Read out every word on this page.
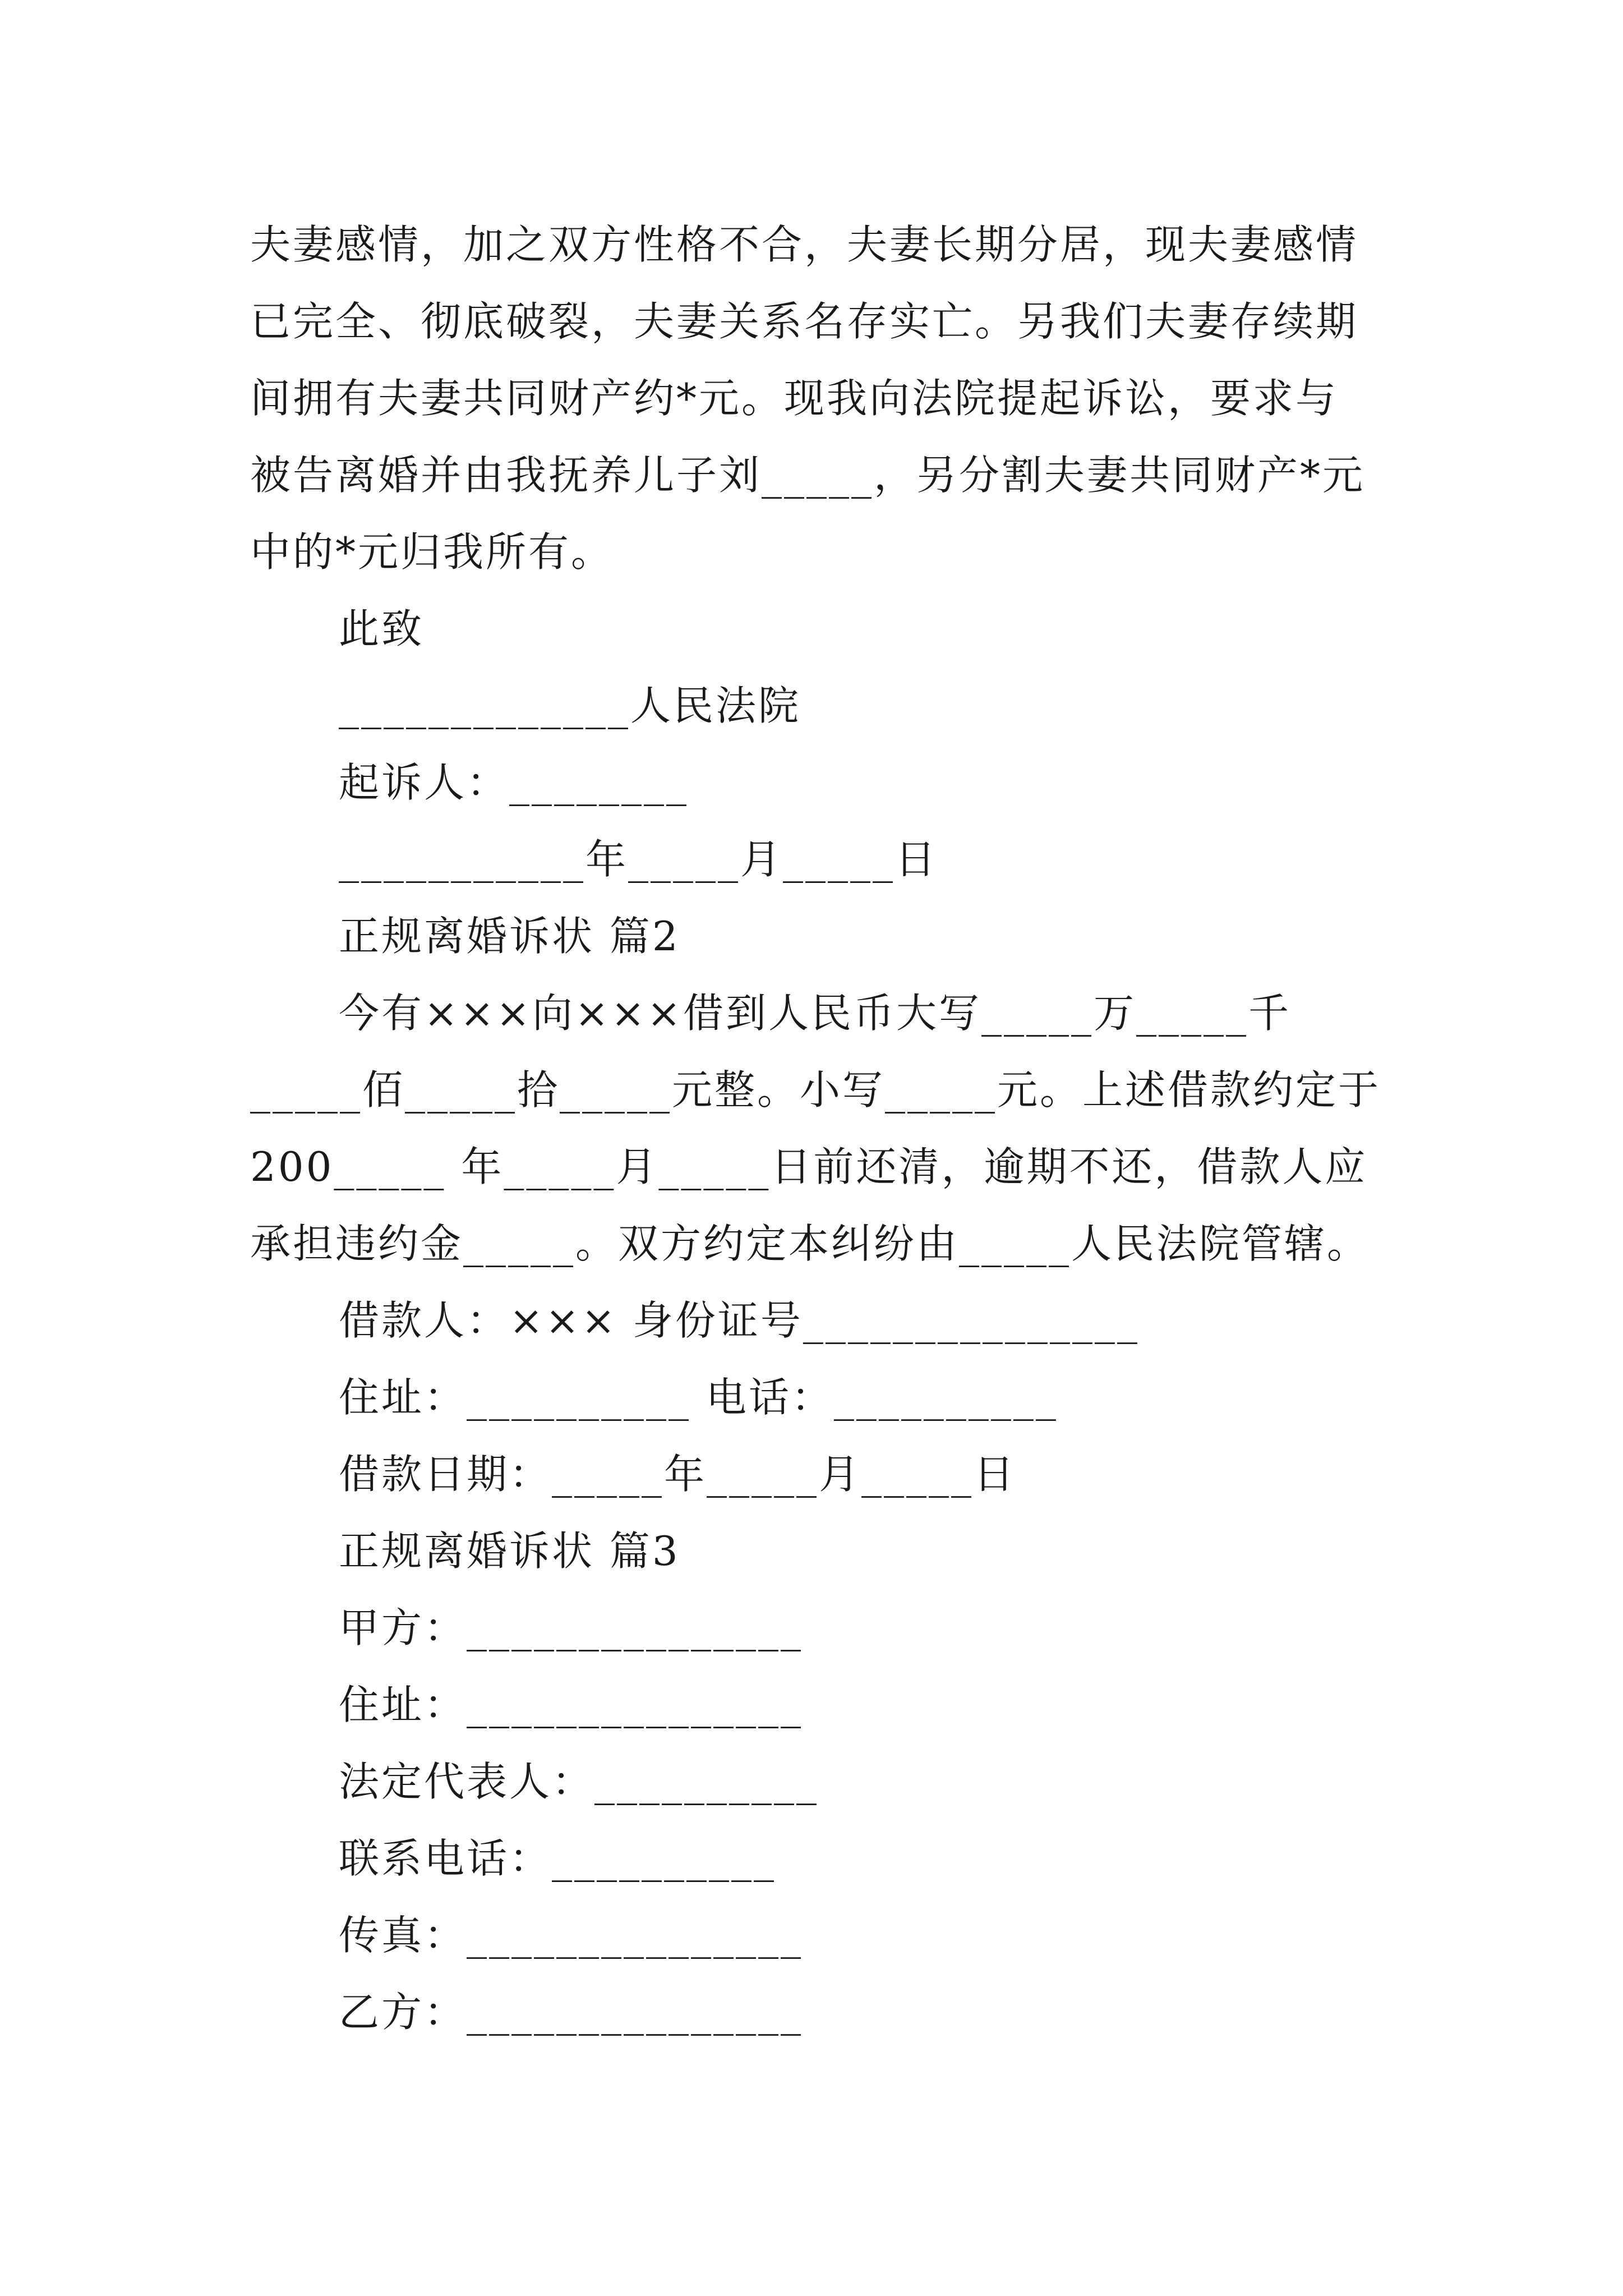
夫妻感情，加之双方性格不合，夫妻长期分居，现夫妻感情
已完全、彻底破裂，夫妻关系名存实亡。另我们夫妻存续期
间拥有夫妻共同财产约*元。现我向法院提起诉讼，要求与
被告离婚并由我抚养儿子刘_____，另分割夫妻共同财产*元
中的*元归我所有。
此致
_____________人民法院
起诉人：________
___________年_____月_____日
正规离婚诉状 篇2
今有×××向×××借到人民币大写_____万_____千
_____佰_____拾_____元整。小写_____元。上述借款约定于
200_____ 年_____月_____日前还清，逾期不还，借款人应
承担违约金_____。双方约定本纠纷由_____人民法院管辖。
借款人：××× 身份证号_______________
住址：__________ 电话：__________
借款日期：_____年_____月_____日
正规离婚诉状 篇3
甲方：_______________
住址：_______________
法定代表人：__________
联系电话：__________
传真：_______________
乙方：_______________
